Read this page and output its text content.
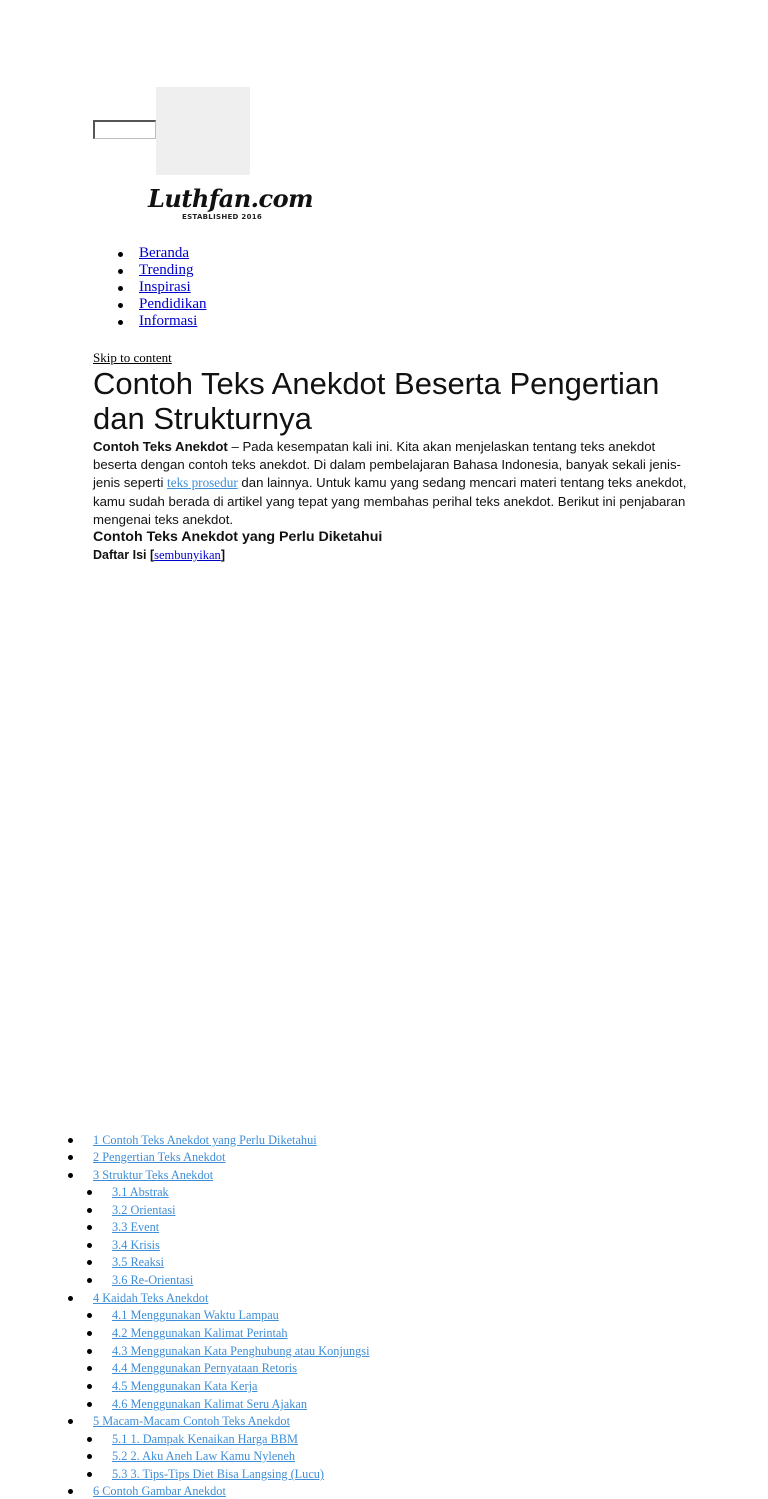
Luthfan.com
ESTABLISHED 2016
Beranda
Trending
Inspirasi
Pendidikan
Informasi
Skip to content
Contoh Teks Anekdot Beserta Pengertian dan Strukturnya

Contoh Teks Anekdot – Pada kesempatan kali ini. Kita akan menjelaskan tentang teks anekdot beserta dengan contoh teks anekdot. Di dalam pembelajaran Bahasa Indonesia, banyak sekali jenis-jenis seperti teks prosedur dan lainnya. Untuk kamu yang sedang mencari materi tentang teks anekdot, kamu sudah berada di artikel yang tepat yang membahas perihal teks anekdot. Berikut ini penjabaran mengenai teks anekdot.

Contoh Teks Anekdot yang Perlu Diketahui
Daftar Isi [sembunyikan]
1 Contoh Teks Anekdot yang Perlu Diketahui
2 Pengertian Teks Anekdot
3 Struktur Teks Anekdot
3.1 Abstrak
3.2 Orientasi
3.3 Event
3.4 Krisis
3.5 Reaksi
3.6 Re-Orientasi
4 Kaidah Teks Anekdot
4.1 Menggunakan Waktu Lampau
4.2 Menggunakan Kalimat Perintah
4.3 Menggunakan Kata Penghubung atau Konjungsi
4.4 Menggunakan Pernyataan Retoris
4.5 Menggunakan Kata Kerja
4.6 Menggunakan Kalimat Seru Ajakan
5 Macam-Macam Contoh Teks Anekdot
5.1 1. Dampak Kenaikan Harga BBM
5.2 2. Aku Aneh Law Kamu Nyleneh
5.3 3. Tips-Tips Diet Bisa Langsing (Lucu)
6 Contoh Gambar Anekdot
